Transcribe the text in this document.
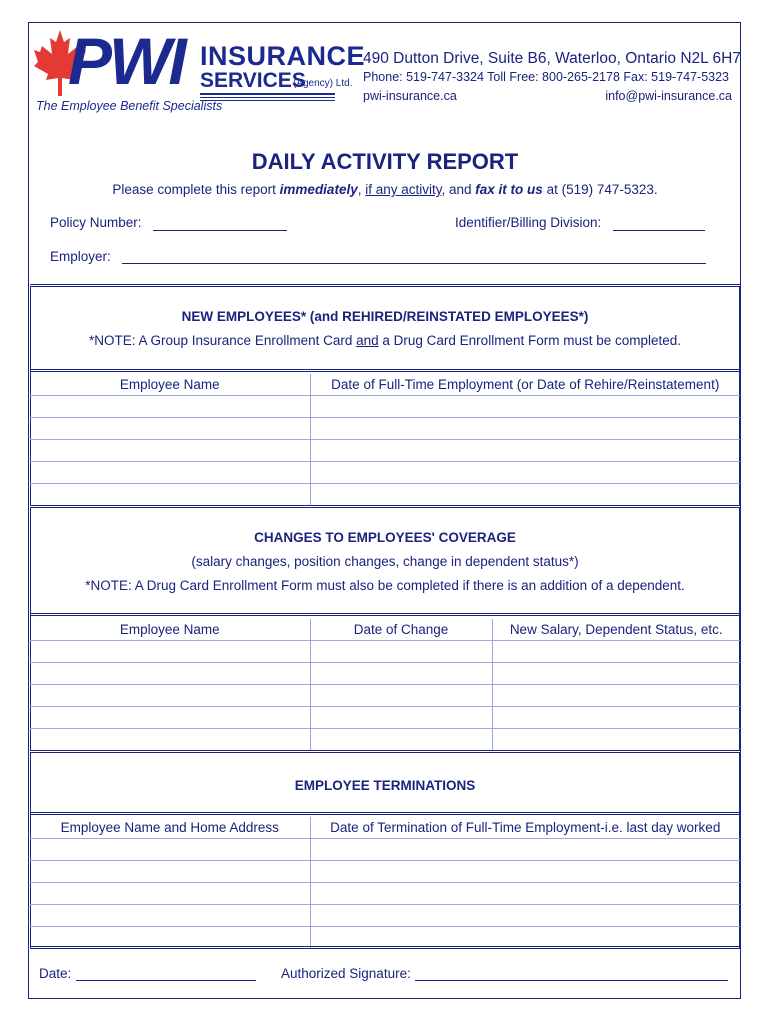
PWI INSURANCE
SERVICES
(Agency) Ltd.
The Employee Benefit Specialists
490 Dutton Drive, Suite B6, Waterloo, Ontario N2L 6H7
Phone: 519-747-3324 Toll Free: 800-265-2178 Fax: 519-747-5323
pwi-insurance.ca	info@pwi-insurance.ca
DAILY ACTIVITY REPORT
Please complete this report immediately, if any activity, and fax it to us at (519) 747-5323.
Policy Number:	Identifier/Billing Division:
Employer:
NEW EMPLOYEES* (and REHIRED/REINSTATED EMPLOYEES*)
*NOTE: A Group Insurance Enrollment Card and a Drug Card Enrollment Form must be completed.
Employee Name	Date of Full-Time Employment (or Date of Rehire/Reinstatement)

CHANGES TO EMPLOYEES' COVERAGE
(salary changes, position changes, change in dependent status*)
*NOTE: A Drug Card Enrollment Form must also be completed if there is an addition of a dependent.
Employee Name	Date of Change	New Salary, Dependent Status, etc.

EMPLOYEE TERMINATIONS
Employee Name and Home Address	Date of Termination of Full-Time Employment-i.e. last day worked

Date:	Authorized Signature:
